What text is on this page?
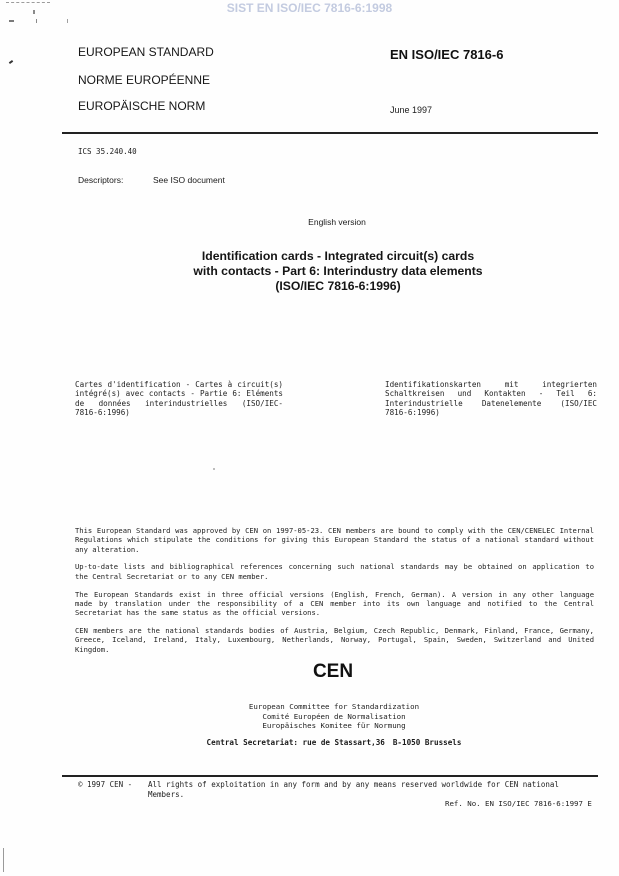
SIST EN ISO/IEC 7816-6:1998
EUROPEAN STANDARD
NORME EUROPÉENNE
EUROPÄISCHE NORM
EN ISO/IEC 7816-6
June 1997
ICS 35.240.40
Descriptors:	See ISO document
English version
Identification cards - Integrated circuit(s) cards
with contacts - Part 6: Interindustry data elements
(ISO/IEC 7816-6:1996)
Cartes d'identification - Cartes à circuit(s)
intégré(s) avec contacts - Partie 6: Eléments
de données interindustrielles (ISO/IEC-
7816-6:1996)
Identifikationskarten mit integrierten
Schaltkreisen und Kontakten - Teil 6:
Interindustrielle Datenelemente (ISO/IEC
7816-6:1996)
This European Standard was approved by CEN on 1997-05-23. CEN members are bound to comply with the CEN/CENELEC Internal
Regulations which stipulate the conditions for giving this European Standard the status of a national standard without
any alteration.
Up-to-date lists and bibliographical references concerning such national standards may be obtained on application to
the Central Secretariat or to any CEN member.
The European Standards exist in three official versions (English, French, German). A version in any other language
made by translation under the responsibility of a CEN member into its own language and notified to the Central
Secretariat has the same status as the official versions.
CEN members are the national standards bodies of Austria, Belgium, Czech Republic, Denmark, Finland, France, Germany,
Greece, Iceland, Ireland, Italy, Luxembourg, Netherlands, Norway, Portugal, Spain, Sweden, Switzerland and United
Kingdom.
CEN
European Committee for Standardization
Comité Européen de Normalisation
Europäisches Komitee für Normung
Central Secretariat: rue de Stassart,36 B-1050 Brussels
© 1997 CEN - All rights of exploitation in any form and by any means reserved worldwide for CEN national
Members.
Ref. No. EN ISO/IEC 7816-6:1997 E
